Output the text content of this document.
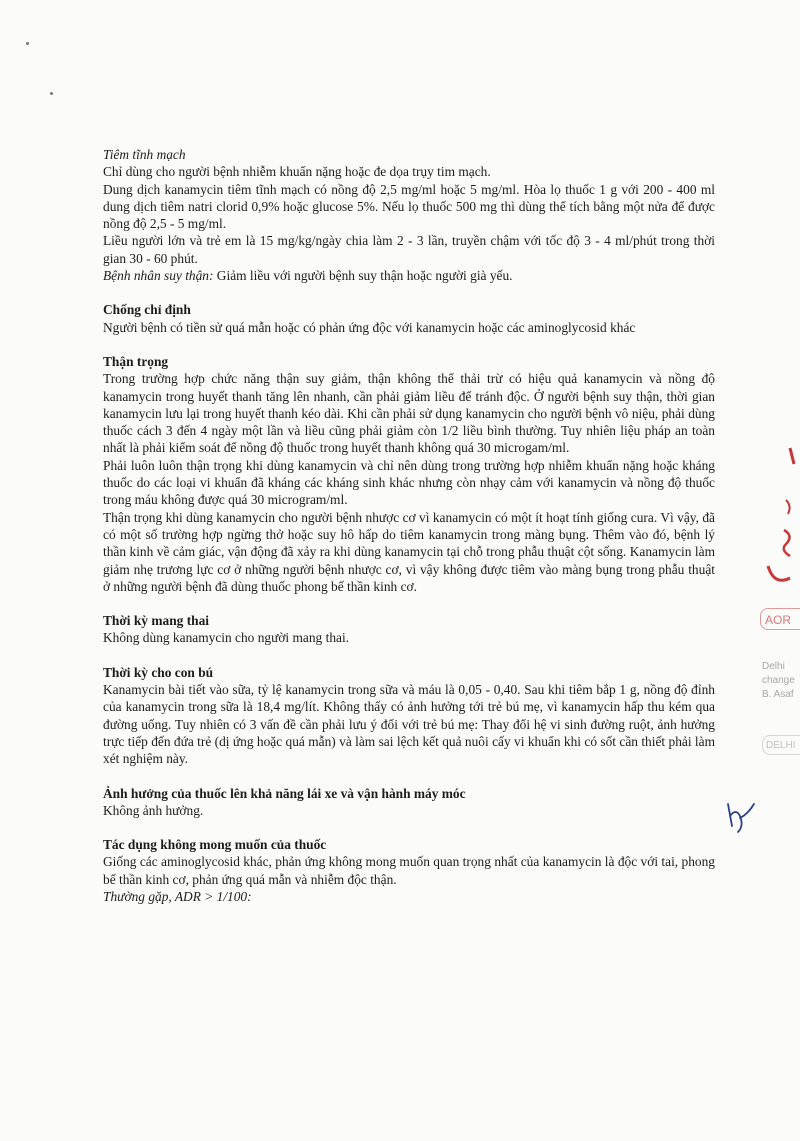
Tiêm tĩnh mạch

Chỉ dùng cho người bệnh nhiễm khuẩn nặng hoặc đe dọa trụy tim mạch.

Dung dịch kanamycin tiêm tĩnh mạch có nồng độ 2,5 mg/ml hoặc 5 mg/ml. Hòa lọ thuốc 1 g với 200 - 400 ml dung dịch tiêm natri clorid 0,9% hoặc glucose 5%. Nếu lọ thuốc 500 mg thì dùng thể tích bằng một nửa để được nồng độ 2,5 - 5 mg/ml.

Liều người lớn và trẻ em là 15 mg/kg/ngày chia làm 2 - 3 lần, truyền chậm với tốc độ 3 - 4 ml/phút trong thời gian 30 - 60 phút.

Bệnh nhân suy thận: Giảm liều với người bệnh suy thận hoặc người già yếu.

Chống chỉ định

Người bệnh có tiền sử quá mẫn hoặc có phản ứng độc với kanamycin hoặc các aminoglycosid khác

Thận trọng

Trong trường hợp chức năng thận suy giảm, thận không thể thải trừ có hiệu quả kanamycin và nồng độ kanamycin trong huyết thanh tăng lên nhanh, cần phải giảm liều để tránh độc. Ở người bệnh suy thận, thời gian kanamycin lưu lại trong huyết thanh kéo dài. Khi cần phải sử dụng kanamycin cho người bệnh vô niệu, phải dùng thuốc cách 3 đến 4 ngày một lần và liều cũng phải giảm còn 1/2 liều bình thường. Tuy nhiên liệu pháp an toàn nhất là phải kiểm soát để nồng độ thuốc trong huyết thanh không quá 30 microgam/ml.

Phải luôn luôn thận trọng khi dùng kanamycin và chỉ nên dùng trong trường hợp nhiễm khuẩn nặng hoặc kháng thuốc do các loại vi khuẩn đã kháng các kháng sinh khác nhưng còn nhạy cảm với kanamycin và nồng độ thuốc trong máu không được quá 30 microgram/ml.

Thận trọng khi dùng kanamycin cho người bệnh nhược cơ vì kanamycin có một ít hoạt tính giống cura. Vì vậy, đã có một số trường hợp ngừng thở hoặc suy hô hấp do tiêm kanamycin trong màng bụng. Thêm vào đó, bệnh lý thần kinh về cảm giác, vận động đã xảy ra khi dùng kanamycin tại chỗ trong phẫu thuật cột sống. Kanamycin làm giảm nhẹ trương lực cơ ở những người bệnh nhược cơ, vì vậy không được tiêm vào màng bụng trong phẫu thuật ở những người bệnh đã dùng thuốc phong bế thần kinh cơ.

Thời kỳ mang thai

Không dùng kanamycin cho người mang thai.

Thời kỳ cho con bú

Kanamycin bài tiết vào sữa, tỷ lệ kanamycin trong sữa và máu là 0,05 - 0,40. Sau khi tiêm bắp 1 g, nồng độ đỉnh của kanamycin trong sữa là 18,4 mg/lít. Không thấy có ảnh hưởng tới trẻ bú mẹ, vì kanamycin hấp thu kém qua đường uống. Tuy nhiên có 3 vấn đề cần phải lưu ý đối với trẻ bú mẹ: Thay đổi hệ vi sinh đường ruột, ảnh hưởng trực tiếp đến đứa trẻ (dị ứng hoặc quá mẫn) và làm sai lệch kết quả nuôi cấy vi khuẩn khi có sốt cần thiết phải làm xét nghiệm này.

Ảnh hưởng của thuốc lên khả năng lái xe và vận hành máy móc

Không ảnh hưởng.

Tác dụng không mong muốn của thuốc

Giống các aminoglycosid khác, phản ứng không mong muốn quan trọng nhất của kanamycin là độc với tai, phong bế thần kinh cơ, phản ứng quá mẫn và nhiễm độc thận.

Thường gặp, ADR > 1/100:

AOR
Delhi
change
B. Asaf
DELHI
